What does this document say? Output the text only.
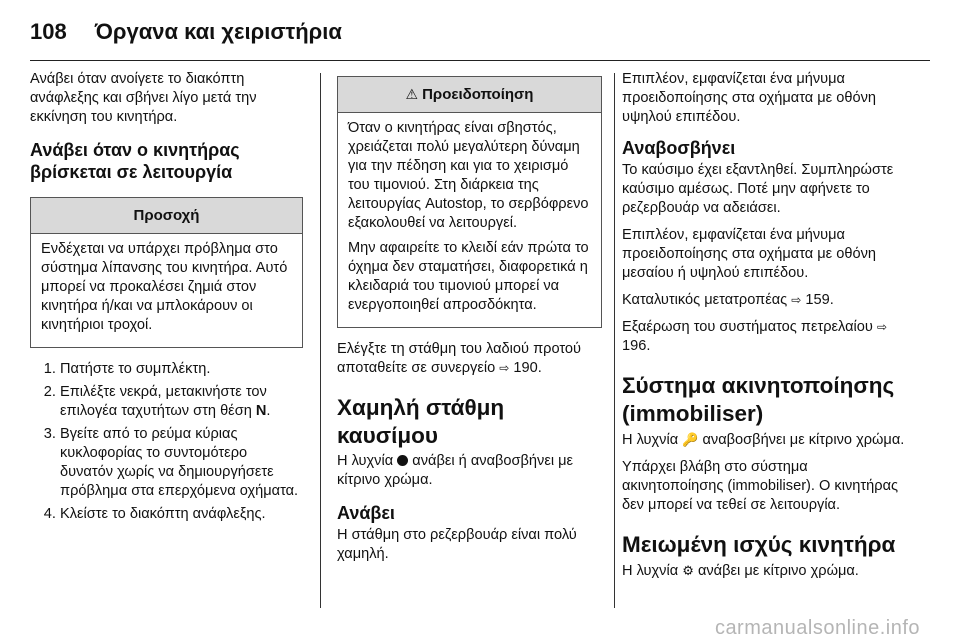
108 Όργανα και χειριστήρια

Ανάβει όταν ανοίγετε το διακόπτη ανάφλεξης και σβήνει λίγο μετά την εκκίνηση του κινητήρα.

Ανάβει όταν ο κινητήρας βρίσκεται σε λειτουργία
Προσοχή

Ενδέχεται να υπάρχει πρόβλημα στο σύστημα λίπανσης του κινητήρα. Αυτό μπορεί να προκαλέσει ζημιά στον κινητήρα ή/και να μπλοκάρουν οι κινητήριοι τροχοί.

1. Πατήστε το συμπλέκτη.
2. Επιλέξτε νεκρά, μετακινήστε τον επιλογέα ταχυτήτων στη θέση N.
3. Βγείτε από το ρεύμα κύριας κυκλοφορίας το συντομότερο δυνατόν χωρίς να δημιουργήσετε πρόβλημα στα επερχόμενα οχήματα.
4. Κλείστε το διακόπτη ανάφλεξης.
⚠ Προειδοποίηση

Όταν ο κινητήρας είναι σβηστός, χρειάζεται πολύ μεγαλύτερη δύναμη για την πέδηση και για το χειρισμό του τιμονιού. Στη διάρκεια της λειτουργίας Autostop, το σερβόφρενο εξακολουθεί να λειτουργεί.

Μην αφαιρείτε το κλειδί εάν πρώτα το όχημα δεν σταματήσει, διαφορετικά η κλειδαριά του τιμονιού μπορεί να ενεργοποιηθεί απροσδόκητα.

Ελέγξτε τη στάθμη του λαδιού προτού αποταθείτε σε συνεργείο ⇨ 190.

Χαμηλή στάθμη καυσίμου

Η λυχνία ανάβει ή αναβοσβήνει με κίτρινο χρώμα.

Ανάβει

Η στάθμη στο ρεζερβουάρ είναι πολύ χαμηλή.

Επιπλέον, εμφανίζεται ένα μήνυμα προειδοποίησης στα οχήματα με οθόνη υψηλού επιπέδου.

Αναβοσβήνει

Το καύσιμο έχει εξαντληθεί. Συμπληρώστε καύσιμο αμέσως. Ποτέ μην αφήνετε το ρεζερβουάρ να αδειάσει.

Επιπλέον, εμφανίζεται ένα μήνυμα προειδοποίησης στα οχήματα με οθόνη μεσαίου ή υψηλού επιπέδου.

Καταλυτικός μετατροπέας ⇨ 159.

Εξαέρωση του συστήματος πετρελαίου ⇨ 196.

Σύστημα ακινητοποίησης (immobiliser)

Η λυχνία 🔑 αναβοσβήνει με κίτρινο χρώμα.

Υπάρχει βλάβη στο σύστημα ακινητοποίησης (immobiliser). Ο κινητήρας δεν μπορεί να τεθεί σε λειτουργία.

Μειωμένη ισχύς κινητήρα

Η λυχνία ⚙ ανάβει με κίτρινο χρώμα.

carmanualsonline.info
